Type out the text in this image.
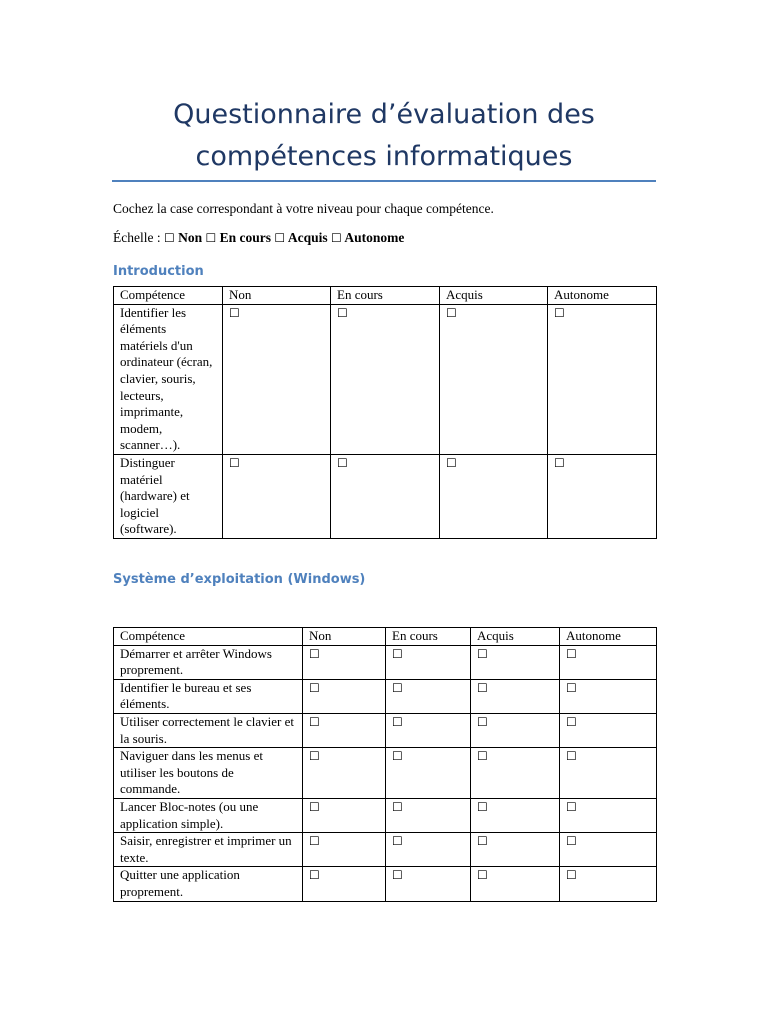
Questionnaire d’évaluation des
compétences informatiques

Cochez la case correspondant à votre niveau pour chaque compétence.

Échelle : ☐ Non ☐ En cours ☐ Acquis ☐ Autonome

Introduction
Compétence	Non	En cours	Acquis	Autonome
Identifier les éléments matériels d'un ordinateur (écran, clavier, souris, lecteurs, imprimante, modem, scanner…).	☐	☐	☐	☐
Distinguer matériel (hardware) et logiciel (software).	☐	☐	☐	☐
Système d’exploitation (Windows)
Compétence	Non	En cours	Acquis	Autonome
Démarrer et arrêter Windows proprement.	☐	☐	☐	☐
Identifier le bureau et ses éléments.	☐	☐	☐	☐
Utiliser correctement le clavier et la souris.	☐	☐	☐	☐
Naviguer dans les menus et utiliser les boutons de commande.	☐	☐	☐	☐
Lancer Bloc-notes (ou une application simple).	☐	☐	☐	☐
Saisir, enregistrer et imprimer un texte.	☐	☐	☐	☐
Quitter une application proprement.	☐	☐	☐	☐
